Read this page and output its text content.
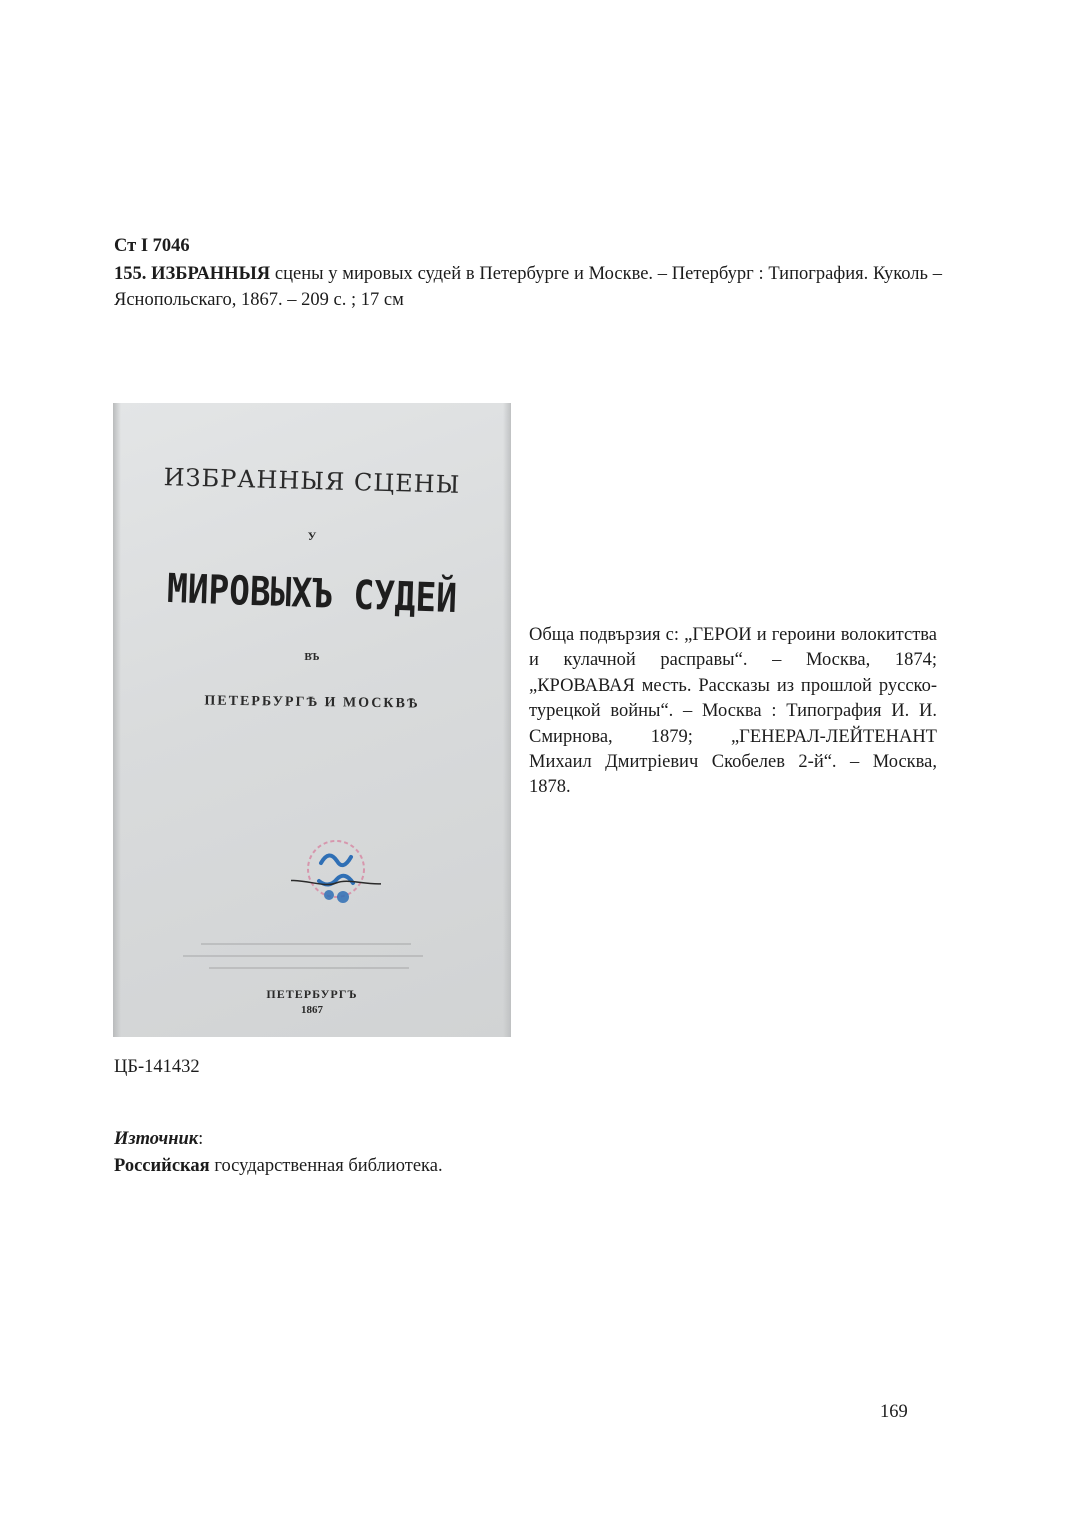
Ст I 7046
155. ИЗБРАННЫЯ сцены у мировых судей в Петербурге и Москве. – Петербург : Типография. Куколь – Яснопольскаго, 1867. – 209 с. ; 17 см
ИЗБРАННЫЯ СЦЕНЫ
У
МИРОВЫХЪ СУДЕЙ
ВЪ
ПЕТЕРБУРГѢ И МОСКВѢ
ПЕТЕРБУРГЪ
1867
Обща подвързия с: „ГЕРОИ и героини волокитства и кулачной расправы“. – Москва, 1874; „КРОВАВАЯ месть. Рассказы из прошлой русско-турецкой войны“. – Москва : Типография И. И. Смирнова, 1879; „ГЕНЕРАЛ-ЛЕЙТЕНАНТ Михаил Дмитрiевич Скобелев 2-й“. – Москва, 1878.
ЦБ-141432
Източник:
Российская государственная библиотека.
169
